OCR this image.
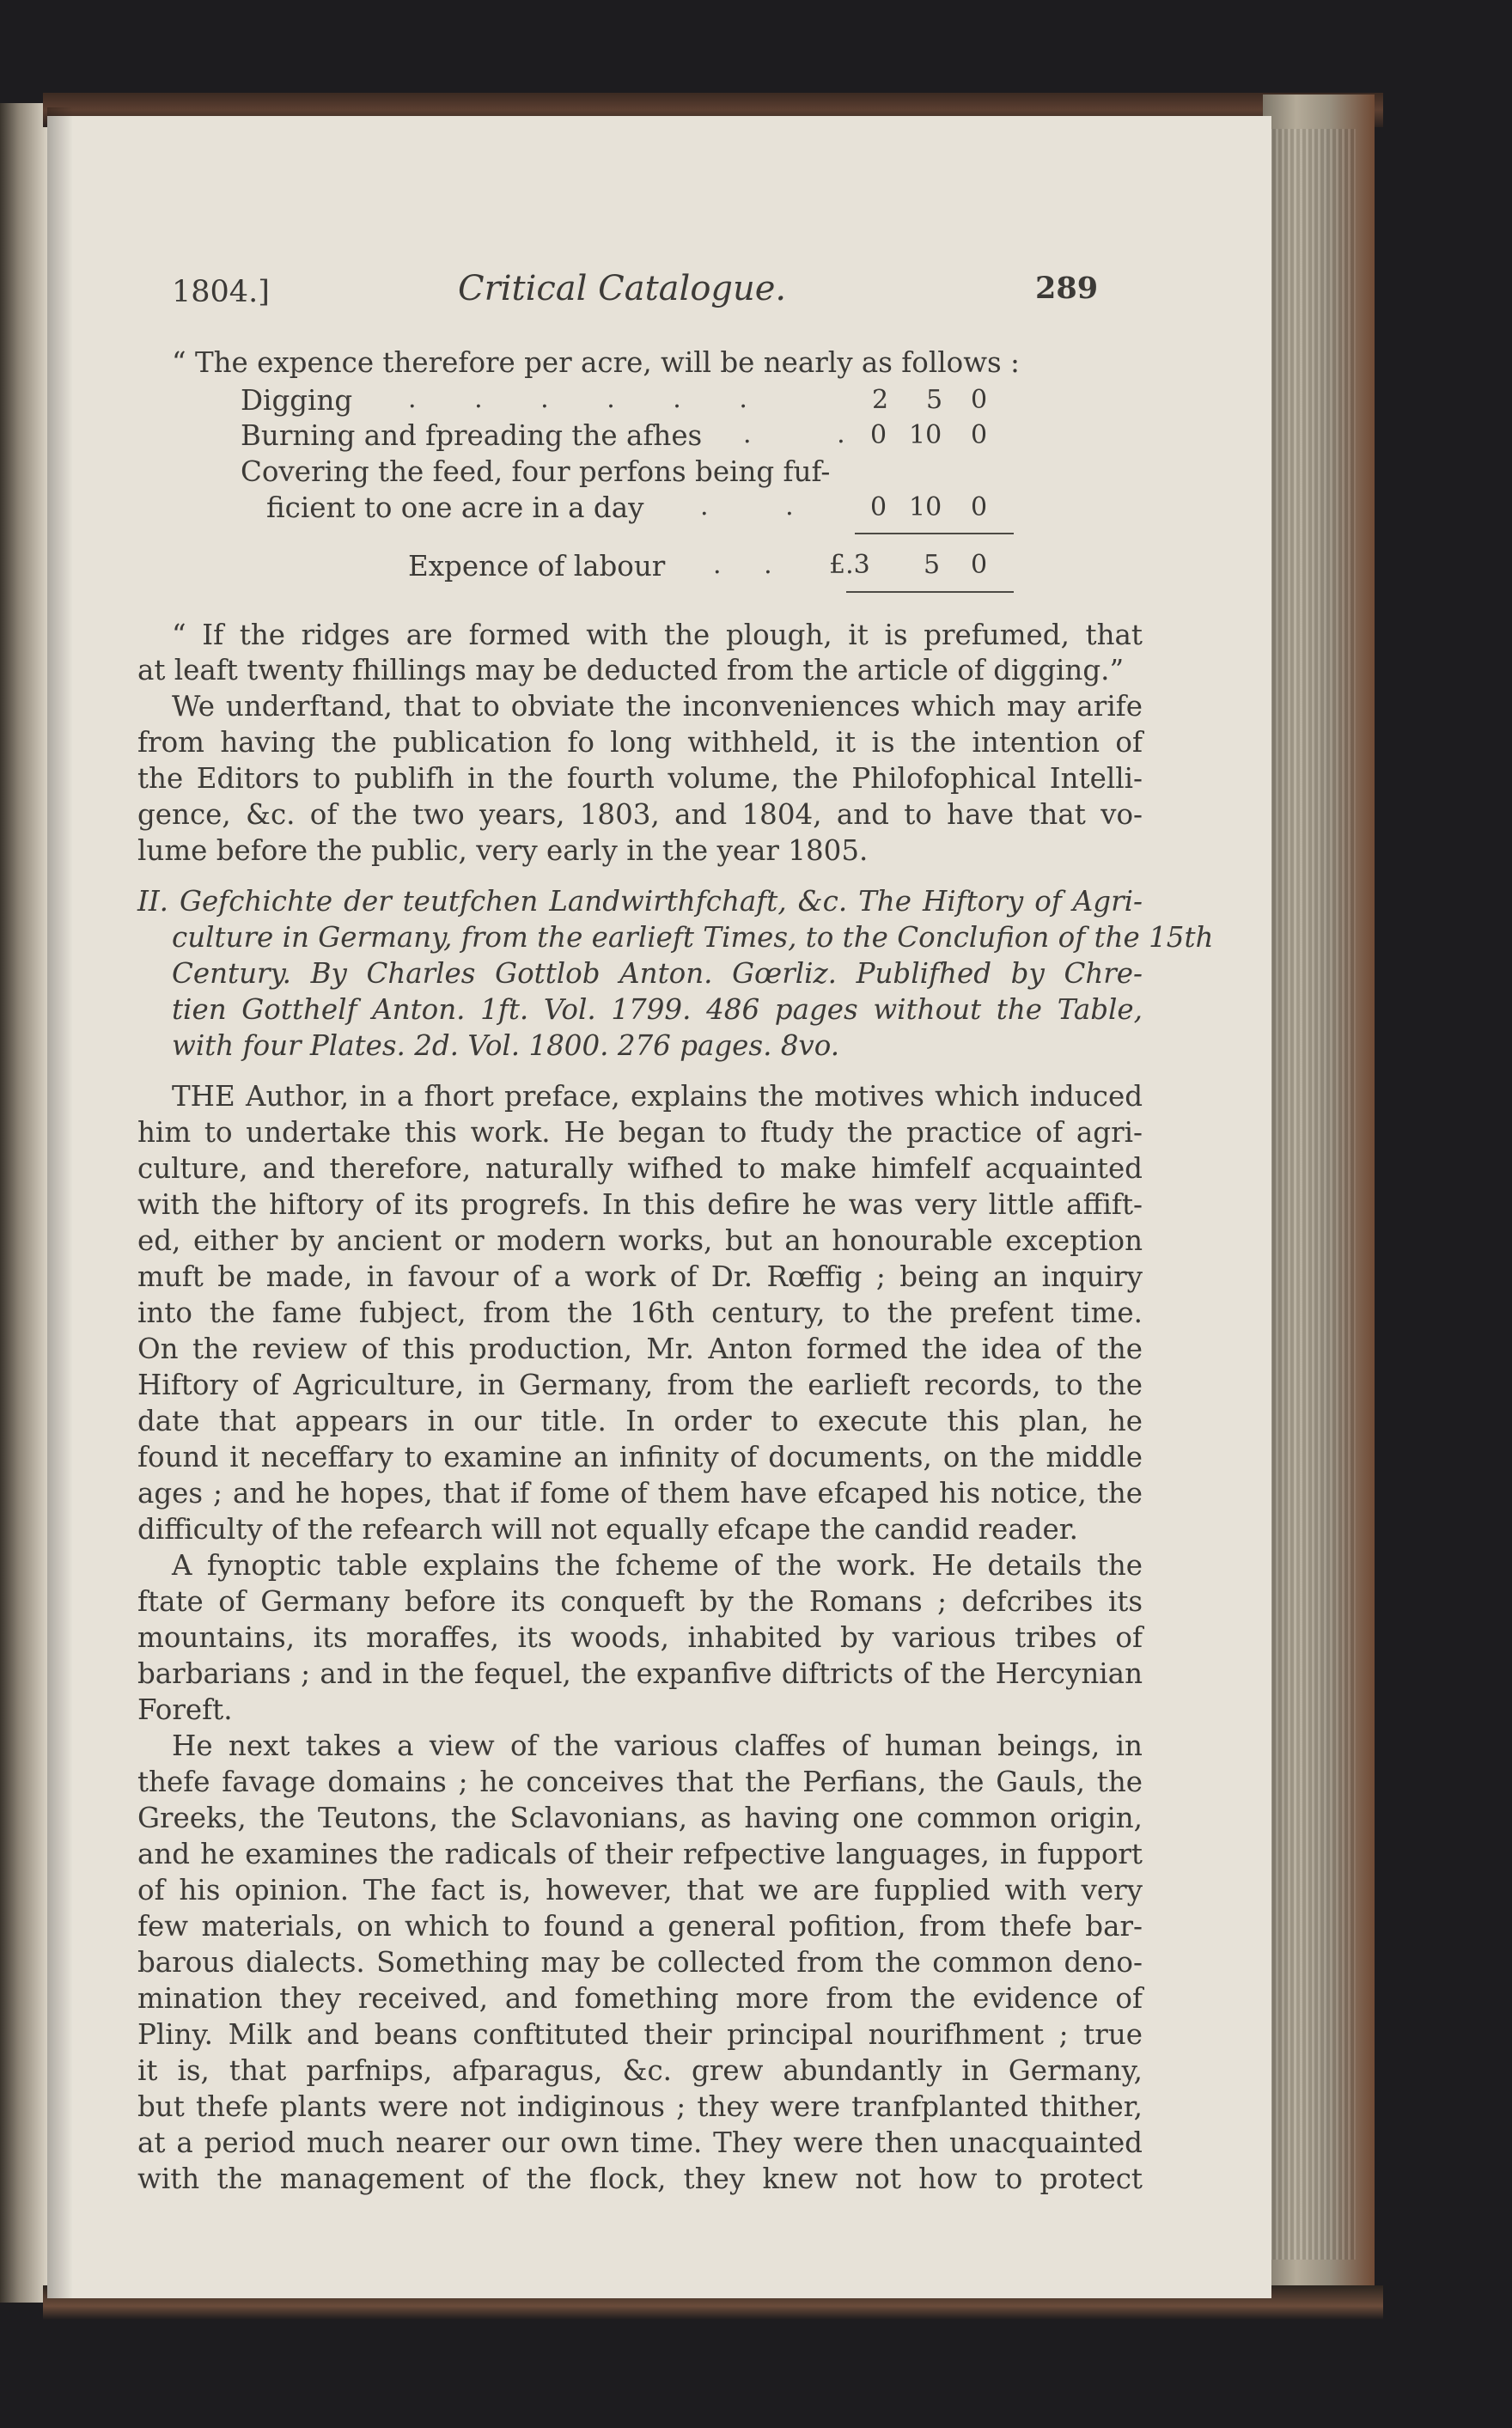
1804.]	Critical Catalogue.	289
“ The expence therefore per acre, will be nearly as follows :
Digging . . . . . .	2 5 0
Burning and fpreading the afhes . . 0 10 0
Covering the feed, four perfons being fuf-
ficient to one acre in a day . .	0 10 0
Expence of labour . . £.3 5 0
“ If the ridges are formed with the plough, it is prefumed, that
at leaft twenty fhillings may be deducted from the article of digging.”
We underftand, that to obviate the inconveniences which may arife
from having the publication fo long withheld, it is the intention of
the Editors to publifh in the fourth volume, the Philofophical Intelli-
gence, &c. of the two years, 1803, and 1804, and to have that vo-
lume before the public, very early in the year 1805.
II. Gefchichte der teutfchen Landwirthfchaft, &c. The Hiftory of Agri-
culture in Germany, from the earlieft Times, to the Conclufion of the 15th
Century. By Charles Gottlob Anton. Gœrliz. Publifhed by Chre-
tien Gotthelf Anton. 1ft. Vol. 1799. 486 pages without the Table,
with four Plates. 2d. Vol. 1800. 276 pages. 8vo.
THE Author, in a fhort preface, explains the motives which induced
him to undertake this work. He began to ftudy the practice of agri-
culture, and therefore, naturally wifhed to make himfelf acquainted
with the hiftory of its progrefs. In this defire he was very little affift-
ed, either by ancient or modern works, but an honourable exception
muft be made, in favour of a work of Dr. Rœffig ; being an inquiry
into the fame fubject, from the 16th century, to the prefent time.
On the review of this production, Mr. Anton formed the idea of the
Hiftory of Agriculture, in Germany, from the earlieft records, to the
date that appears in our title. In order to execute this plan, he
found it neceffary to examine an infinity of documents, on the middle
ages ; and he hopes, that if fome of them have efcaped his notice, the
difficulty of the refearch will not equally efcape the candid reader.
A fynoptic table explains the fcheme of the work. He details the
ftate of Germany before its conqueft by the Romans ; defcribes its
mountains, its moraffes, its woods, inhabited by various tribes of
barbarians ; and in the fequel, the expanfive diftricts of the Hercynian
Foreft.
He next takes a view of the various claffes of human beings, in
thefe favage domains ; he conceives that the Perfians, the Gauls, the
Greeks, the Teutons, the Sclavonians, as having one common origin,
and he examines the radicals of their refpective languages, in fupport
of his opinion. The fact is, however, that we are fupplied with very
few materials, on which to found a general pofition, from thefe bar-
barous dialects. Something may be collected from the common deno-
mination they received, and fomething more from the evidence of
Pliny. Milk and beans conftituted their principal nourifhment ; true
it is, that parfnips, afparagus, &c. grew abundantly in Germany,
but thefe plants were not indiginous ; they were tranfplanted thither,
at a period much nearer our own time. They were then unacquainted
with the management of the flock, they knew not how to protect
